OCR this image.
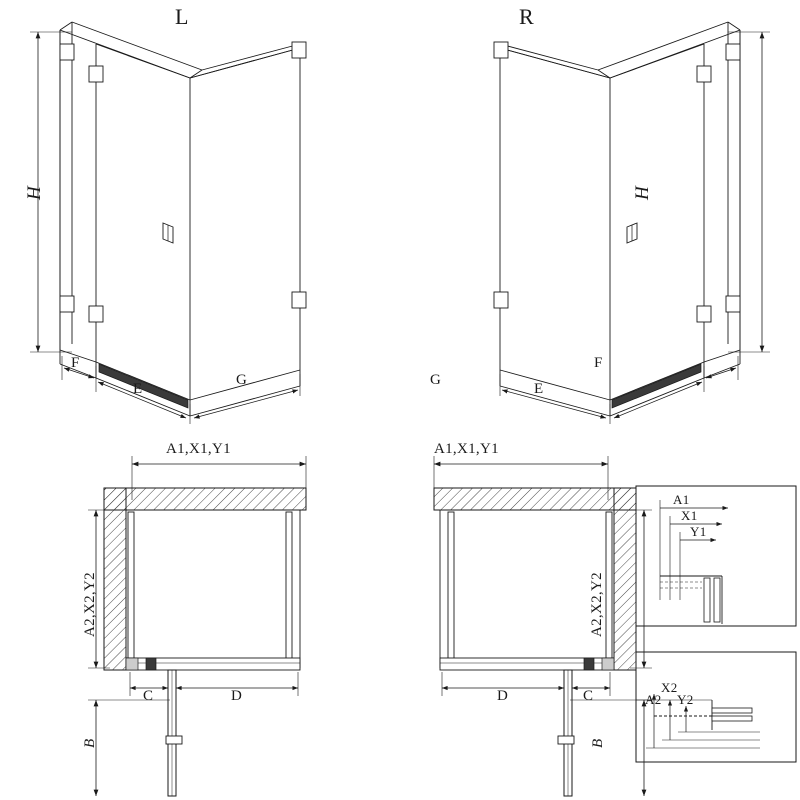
L	R
H	H
F
E
G
F
E
G
A1,X1,Y1	A1,X1,Y1
A2,X2,Y2	A2,X2,Y2
C	D
B
D	C
B
A1
X1
Y1
A2
X2
Y2
